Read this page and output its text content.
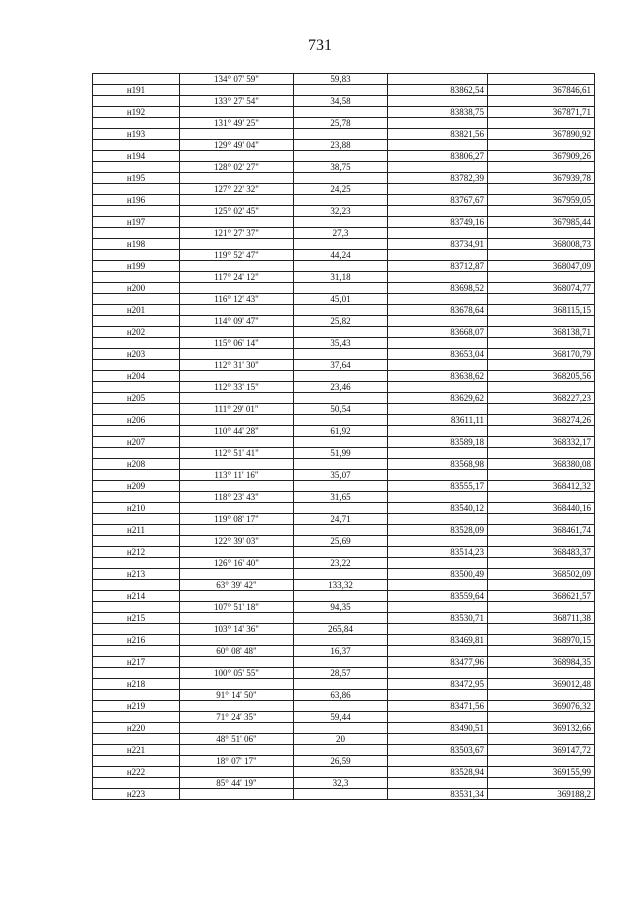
731
	134° 07' 59"	59,83		
н191			83862,54	367846,61
	133° 27' 54"	34,58		
н192			83838,75	367871,71
	131° 49' 25"	25,78		
н193			83821,56	367890,92
	129° 49' 04"	23,88		
н194			83806,27	367909,26
	128° 02' 27"	38,75		
н195			83782,39	367939,78
	127° 22' 32"	24,25		
н196			83767,67	367959,05
	125° 02' 45"	32,23		
н197			83749,16	367985,44
	121° 27' 37"	27,3		
н198			83734,91	368008,73
	119° 52' 47"	44,24		
н199			83712,87	368047,09
	117° 24' 12"	31,18		
н200			83698,52	368074,77
	116° 12' 43"	45,01		
н201			83678,64	368115,15
	114° 09' 47"	25,82		
н202			83668,07	368138,71
	115° 06' 14"	35,43		
н203			83653,04	368170,79
	112° 31' 30"	37,64		
н204			83638,62	368205,56
	112° 33' 15"	23,46		
н205			83629,62	368227,23
	111° 29' 01"	50,54		
н206			83611,11	368274,26
	110° 44' 28"	61,92		
н207			83589,18	368332,17
	112° 51' 41"	51,99		
н208			83568,98	368380,08
	113° 11' 16"	35,07		
н209			83555,17	368412,32
	118° 23' 43"	31,65		
н210			83540,12	368440,16
	119° 08' 17"	24,71		
н211			83528,09	368461,74
	122° 39' 03"	25,69		
н212			83514,23	368483,37
	126° 16' 40"	23,22		
н213			83500,49	368502,09
	63° 39' 42"	133,32		
н214			83559,64	368621,57
	107° 51' 18"	94,35		
н215			83530,71	368711,38
	103° 14' 36"	265,84		
н216			83469,81	368970,15
	60° 08' 48"	16,37		
н217			83477,96	368984,35
	100° 05' 55"	28,57		
н218			83472,95	369012,48
	91° 14' 50"	63,86		
н219			83471,56	369076,32
	71° 24' 35"	59,44		
н220			83490,51	369132,66
	48° 51' 06"	20		
н221			83503,67	369147,72
	18° 07' 17"	26,59		
н222			83528,94	369155,99
	85° 44' 19"	32,3		
н223			83531,34	369188,2
